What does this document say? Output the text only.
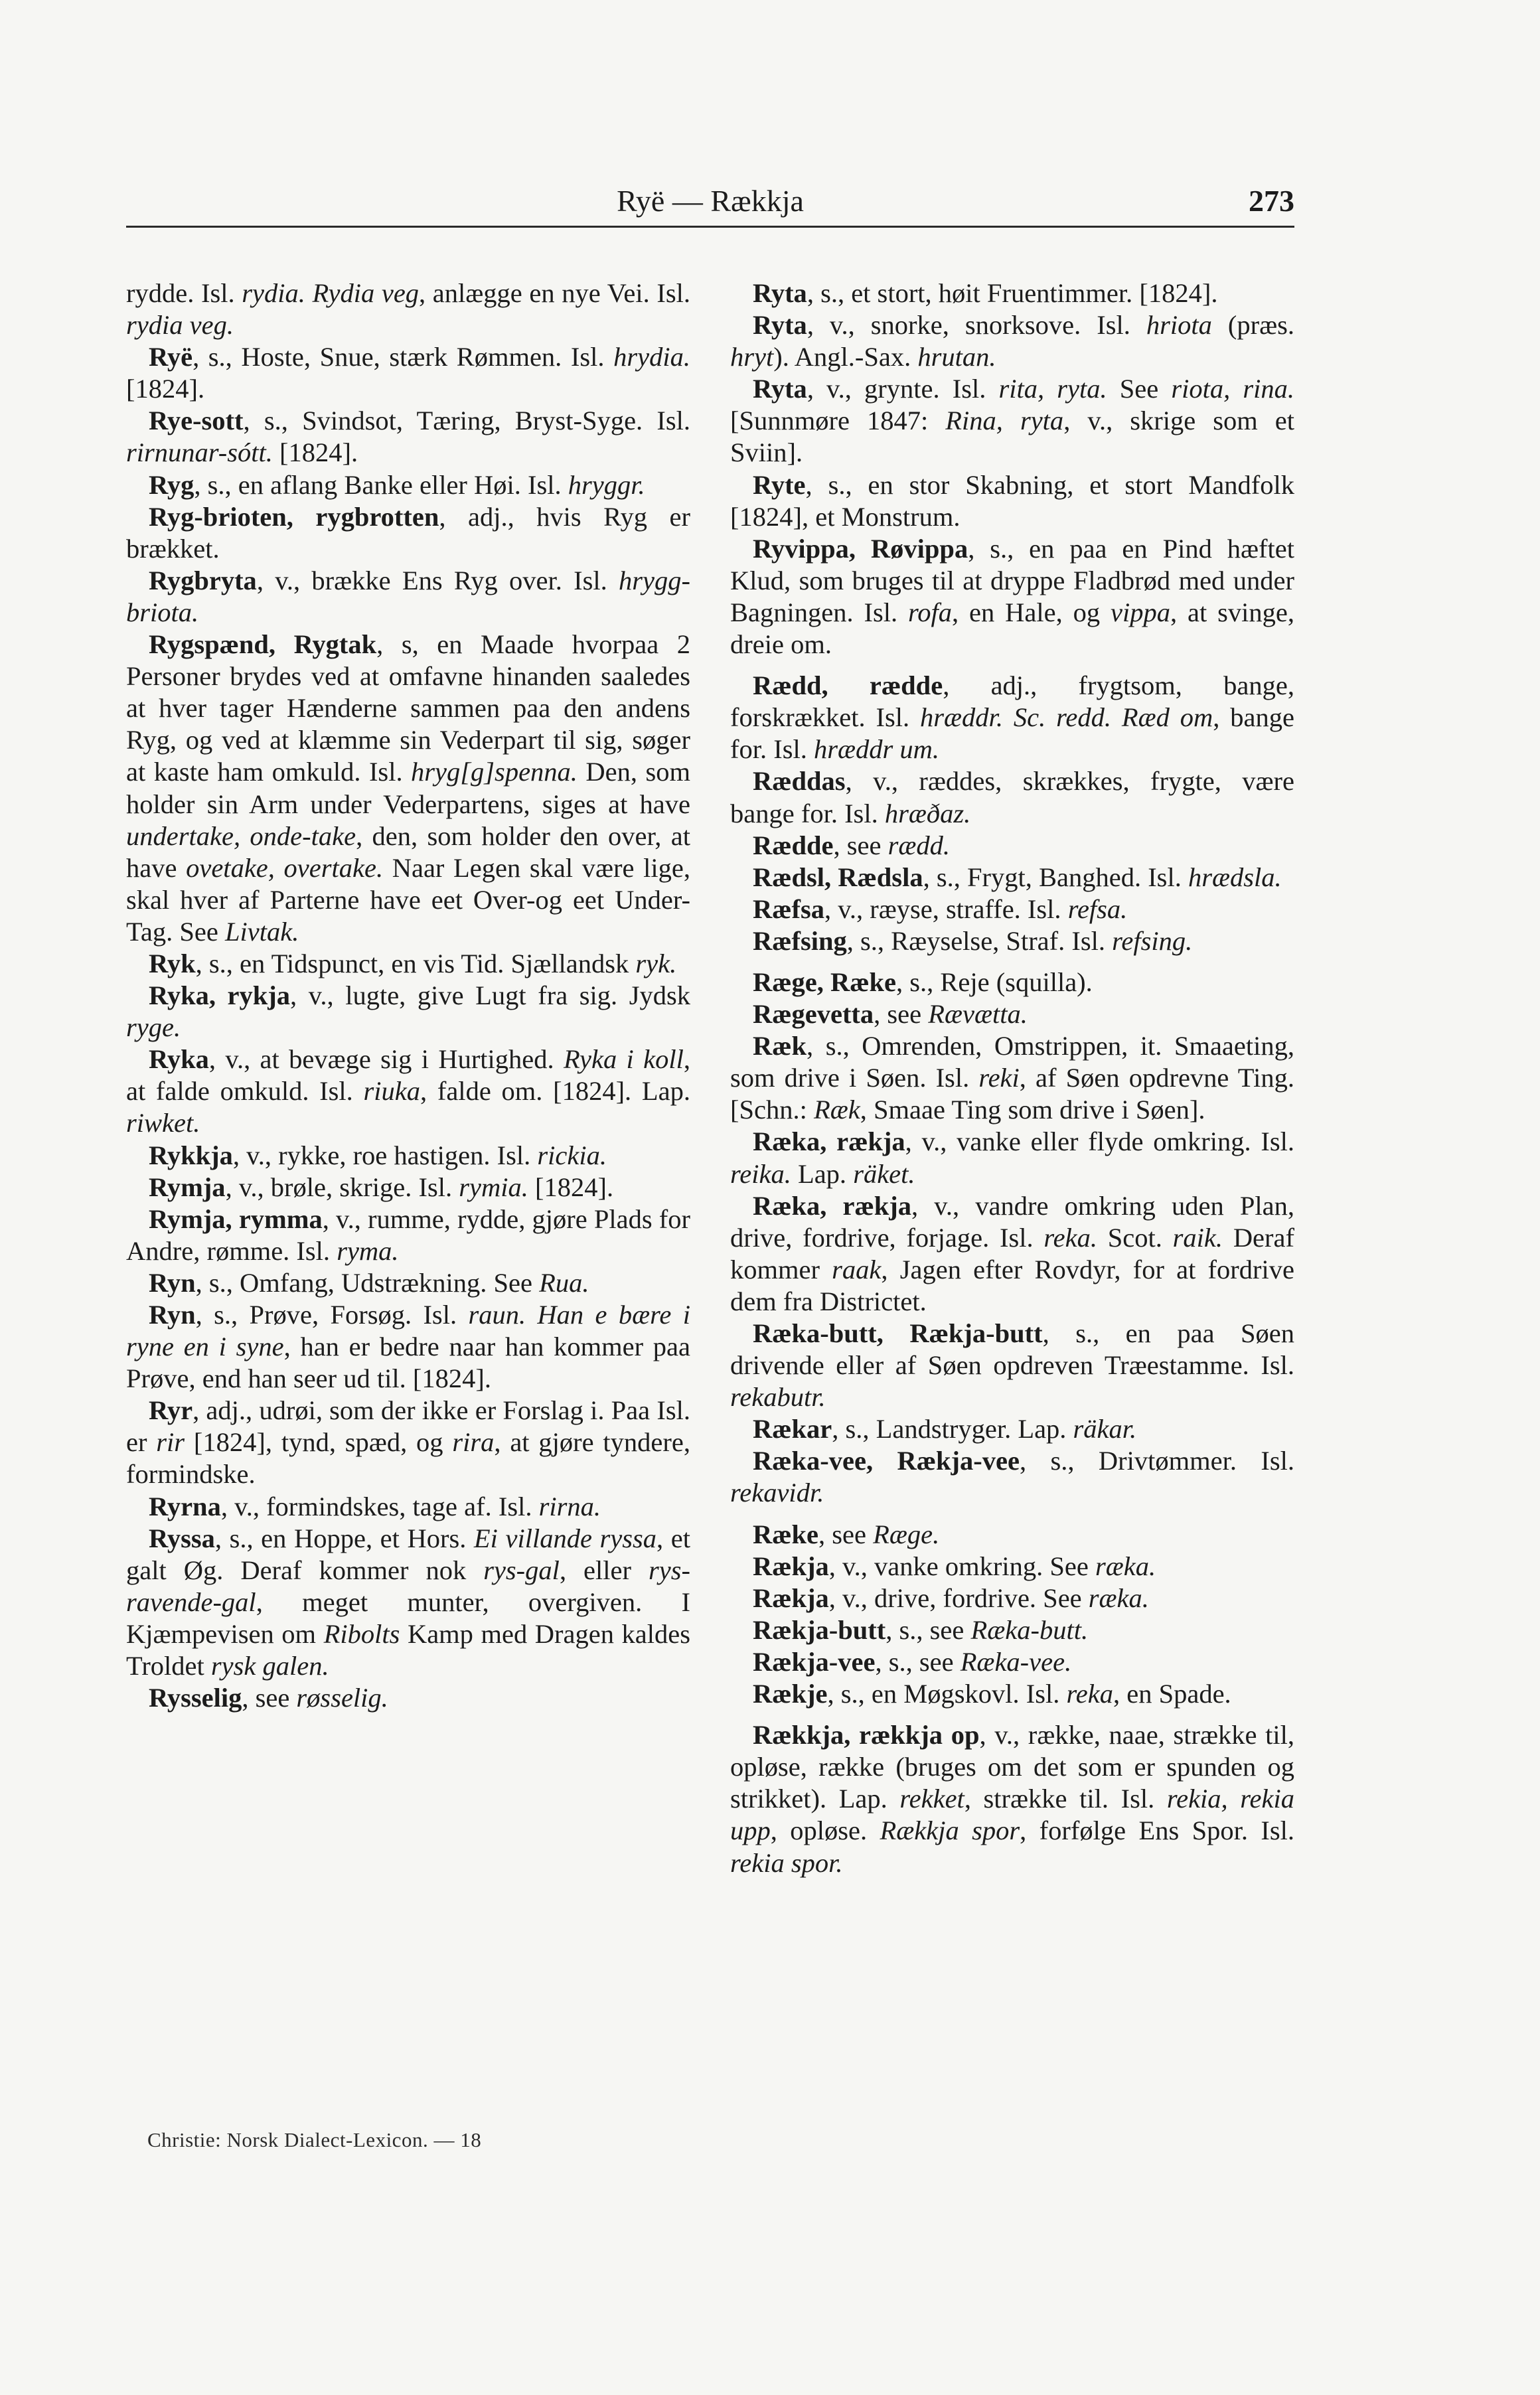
Ryë — Rækkja	273
rydde. Isl. rydia. Rydia veg, anlægge en nye Vei. Isl. rydia veg.
Ryë, s., Hoste, Snue, stærk Rømmen. Isl. hrydia. [1824].
Rye-sott, s., Svindsot, Tæring, Bryst-Syge. Isl. rirnunar-sótt. [1824].
Ryg, s., en aflang Banke eller Høi. Isl. hryggr.
Ryg-brioten, rygbrotten, adj., hvis Ryg er brækket.
Rygbryta, v., brække Ens Ryg over. Isl. hrygg-briota.
Rygspænd, Rygtak, s, en Maade hvorpaa 2 Personer brydes ved at omfavne hinanden saaledes at hver tager Hænderne sammen paa den andens Ryg, og ved at klæmme sin Vederpart til sig, søger at kaste ham omkuld. Isl. hryg[g]spenna. Den, som holder sin Arm under Vederpartens, siges at have undertake, onde-take, den, som holder den over, at have ovetake, overtake. Naar Legen skal være lige, skal hver af Parterne have eet Over-og eet Under-Tag. See Livtak.
Ryk, s., en Tidspunct, en vis Tid. Sjællandsk ryk.
Ryka, rykja, v., lugte, give Lugt fra sig. Jydsk ryge.
Ryka, v., at bevæge sig i Hurtighed. Ryka i koll, at falde omkuld. Isl. riuka, falde om. [1824]. Lap. riwket.
Rykkja, v., rykke, roe hastigen. Isl. rickia.
Rymja, v., brøle, skrige. Isl. rymia. [1824].
Rymja, rymma, v., rumme, rydde, gjøre Plads for Andre, rømme. Isl. ryma.
Ryn, s., Omfang, Udstrækning. See Rua.
Ryn, s., Prøve, Forsøg. Isl. raun. Han e bære i ryne en i syne, han er bedre naar han kommer paa Prøve, end han seer ud til. [1824].
Ryr, adj., udrøi, som der ikke er Forslag i. Paa Isl. er rir [1824], tynd, spæd, og rira, at gjøre tyndere, formindske.
Ryrna, v., formindskes, tage af. Isl. rirna.
Ryssa, s., en Hoppe, et Hors. Ei villande ryssa, et galt Øg. Deraf kommer nok rys-gal, eller rys-ravende-gal, meget munter, overgiven. I Kjæmpevisen om Ribolts Kamp med Dragen kaldes Troldet rysk galen.
Rysselig, see røsselig.
Ryta, s., et stort, høit Fruentimmer. [1824].
Ryta, v., snorke, snorksove. Isl. hriota (præs. hryt). Angl.-Sax. hrutan.
Ryta, v., grynte. Isl. rita, ryta. See riota, rina. [Sunnmøre 1847: Rina, ryta, v., skrige som et Sviin].
Ryte, s., en stor Skabning, et stort Mandfolk [1824], et Monstrum.
Ryvippa, Røvippa, s., en paa en Pind hæftet Klud, som bruges til at dryppe Fladbrød med under Bagningen. Isl. rofa, en Hale, og vippa, at svinge, dreie om.
Rædd, rædde, adj., frygtsom, bange, forskrækket. Isl. hræddr. Sc. redd. Ræd om, bange for. Isl. hræddr um.
Ræddas, v., ræddes, skrækkes, frygte, være bange for. Isl. hræðaz.
Rædde, see rædd.
Rædsl, Rædsla, s., Frygt, Banghed. Isl. hrædsla.
Ræfsa, v., ræyse, straffe. Isl. refsa.
Ræfsing, s., Ræyselse, Straf. Isl. refsing.
Ræge, Ræke, s., Reje (squilla).
Rægevetta, see Rævætta.
Ræk, s., Omrenden, Omstrippen, it. Smaaeting, som drive i Søen. Isl. reki, af Søen opdrevne Ting. [Schn.: Ræk, Smaae Ting som drive i Søen].
Ræka, rækja, v., vanke eller flyde omkring. Isl. reika. Lap. räket.
Ræka, rækja, v., vandre omkring uden Plan, drive, fordrive, forjage. Isl. reka. Scot. raik. Deraf kommer raak, Jagen efter Rovdyr, for at fordrive dem fra Districtet.
Ræka-butt, Rækja-butt, s., en paa Søen drivende eller af Søen opdreven Træestamme. Isl. rekabutr.
Rækar, s., Landstryger. Lap. räkar.
Ræka-vee, Rækja-vee, s., Drivtømmer. Isl. rekavidr.
Ræke, see Ræge.
Rækja, v., vanke omkring. See ræka.
Rækja, v., drive, fordrive. See ræka.
Rækja-butt, s., see Ræka-butt.
Rækja-vee, s., see Ræka-vee.
Rækje, s., en Møgskovl. Isl. reka, en Spade.
Rækkja, rækkja op, v., række, naae, strække til, opløse, række (bruges om det som er spunden og strikket). Lap. rekket, strække til. Isl. rekia, rekia upp, opløse. Rækkja spor, forfølge Ens Spor. Isl. rekia spor.
Christie: Norsk Dialect-Lexicon. — 18
